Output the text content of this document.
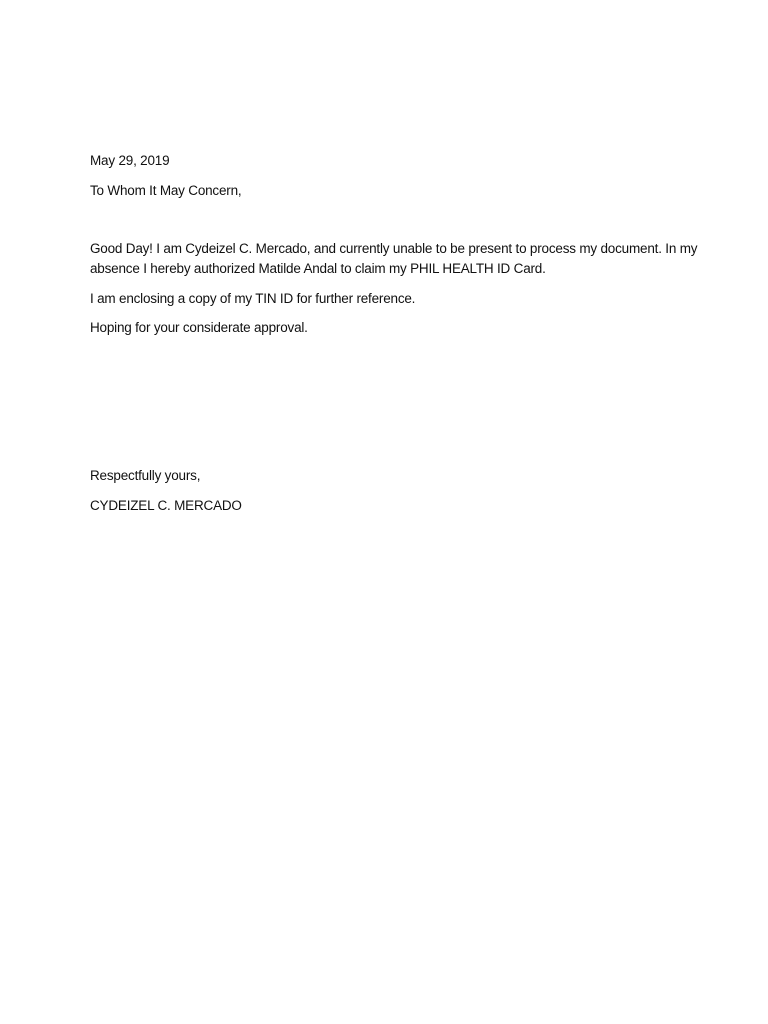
May 29, 2019

To Whom It May Concern,

Good Day! I am Cydeizel C. Mercado, and currently unable to be present to process my document. In my
absence I hereby authorized Matilde Andal to claim my PHIL HEALTH ID Card.

I am enclosing a copy of my TIN ID for further reference.

Hoping for your considerate approval.

Respectfully yours,

CYDEIZEL C. MERCADO
